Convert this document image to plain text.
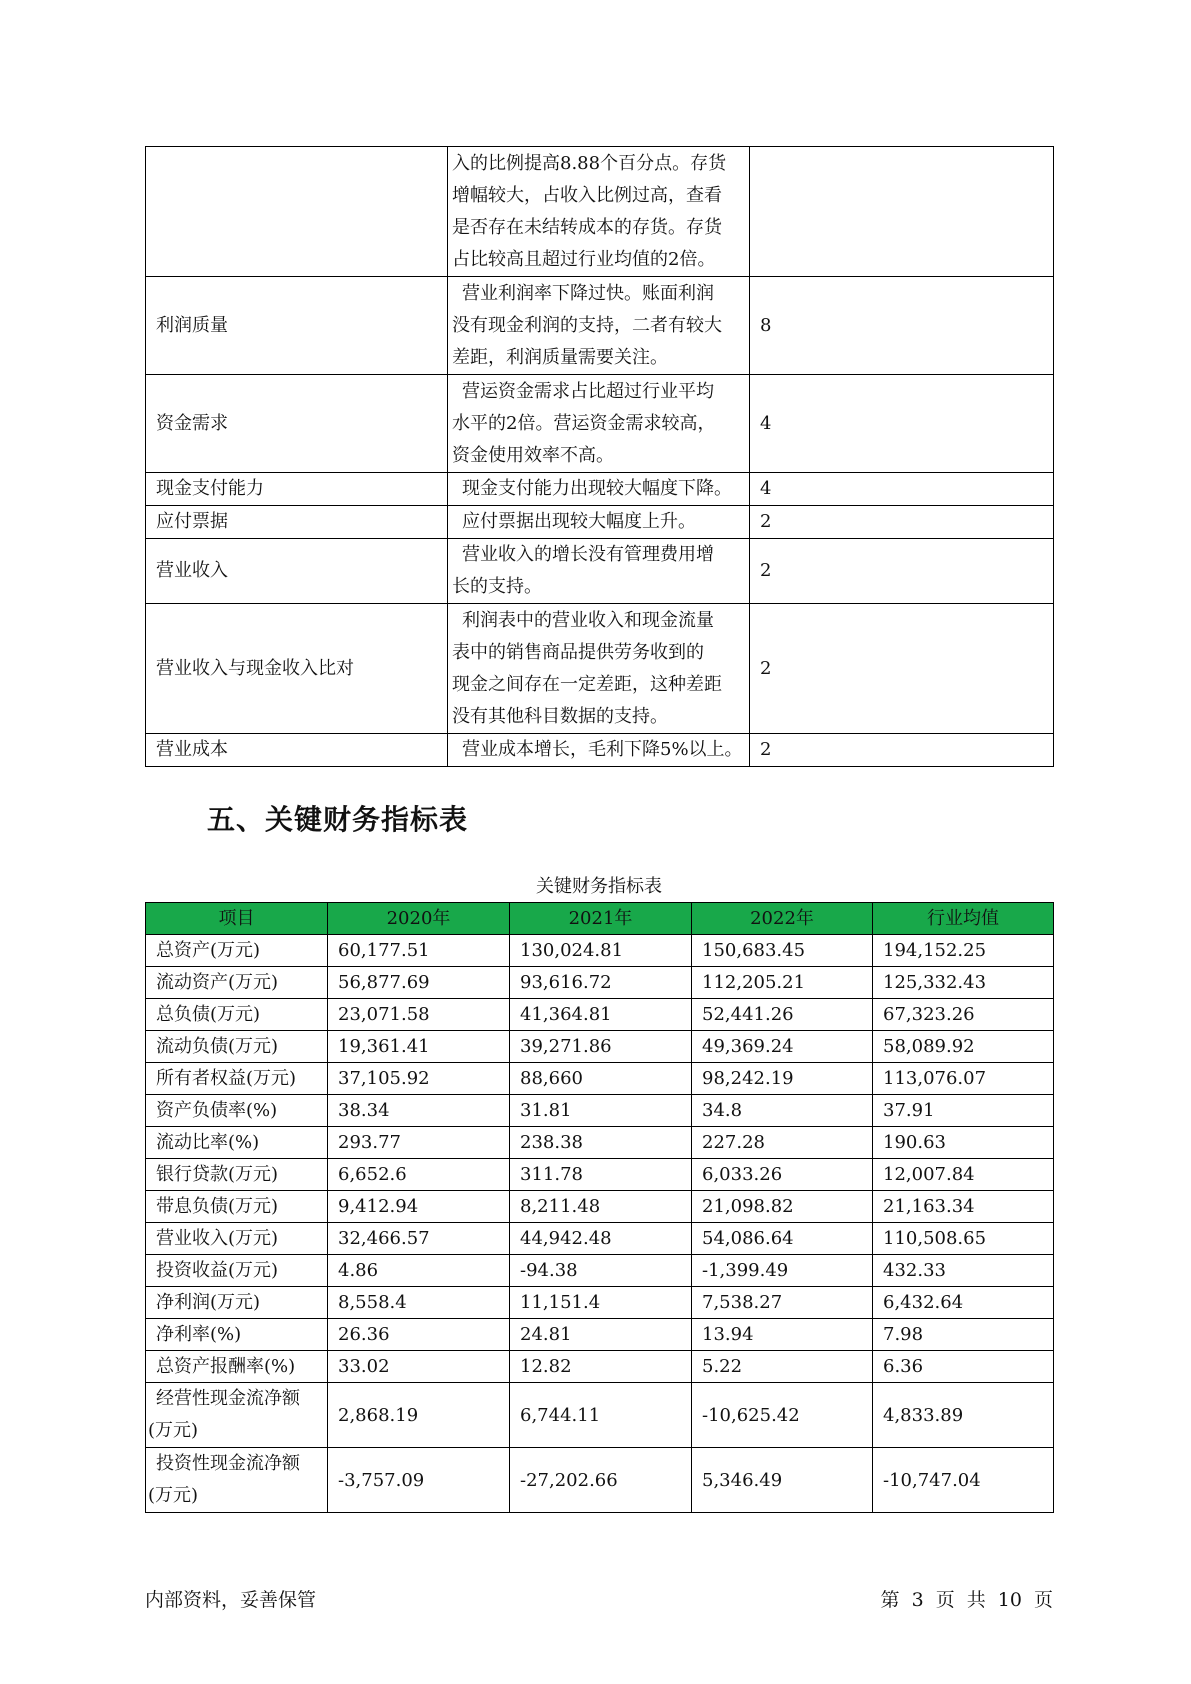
	入的比例提高8.88个百分点。存货
增幅较大，占收入比例过高，查看
是否存在未结转成本的存货。存货
占比较高且超过行业均值的2倍。	

利润质量	营业利润率下降过快。账面利润
没有现金利润的支持，二者有较大
差距，利润质量需要关注。	8
资金需求	营运资金需求占比超过行业平均
水平的2倍。营运资金需求较高，
资金使用效率不高。	4
现金支付能力	现金支付能力出现较大幅度下降。	4
应付票据	应付票据出现较大幅度上升。	2
营业收入	营业收入的增长没有管理费用增
长的支持。	2
营业收入与现金收入比对	利润表中的营业收入和现金流量
表中的销售商品提供劳务收到的
现金之间存在一定差距，这种差距
没有其他科目数据的支持。	2
营业成本	营业成本增长，毛利下降5%以上。	2
五、关键财务指标表
关键财务指标表
项目	2020年	2021年	2022年	行业均值
总资产(万元)	60,177.51	130,024.81	150,683.45	194,152.25
流动资产(万元)	56,877.69	93,616.72	112,205.21	125,332.43
总负债(万元)	23,071.58	41,364.81	52,441.26	67,323.26
流动负债(万元)	19,361.41	39,271.86	49,369.24	58,089.92
所有者权益(万元)	37,105.92	88,660	98,242.19	113,076.07
资产负债率(%)	38.34	31.81	34.8	37.91
流动比率(%)	293.77	238.38	227.28	190.63
银行贷款(万元)	6,652.6	311.78	6,033.26	12,007.84
带息负债(万元)	9,412.94	8,211.48	21,098.82	21,163.34
营业收入(万元)	32,466.57	44,942.48	54,086.64	110,508.65
投资收益(万元)	4.86	-94.38	-1,399.49	432.33
净利润(万元)	8,558.4	11,151.4	7,538.27	6,432.64
净利率(%)	26.36	24.81	13.94	7.98
总资产报酬率(%)	33.02	12.82	5.22	6.36

经营性现金流净额
(万元)	2,868.19	6,744.11	-10,625.42	4,833.89

投资性现金流净额
(万元)	-3,757.09	-27,202.66	5,346.49	-10,747.04
内部资料，妥善保管	第 3 页 共 10 页
